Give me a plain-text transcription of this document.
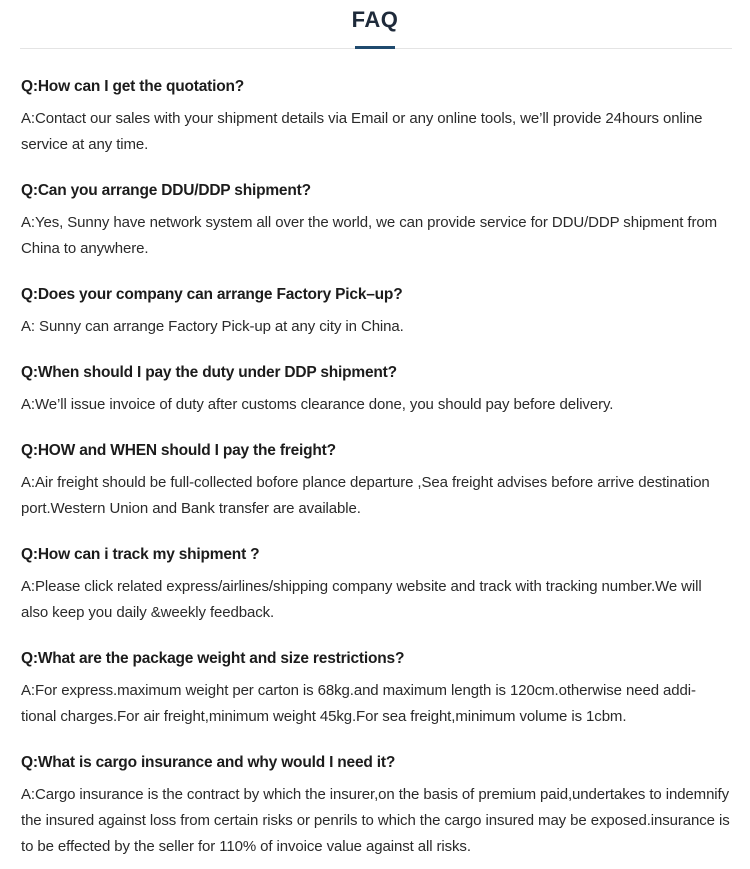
FAQ

Q:How can I get the quotation?

A:Contact our sales with your shipment details via Email or any online tools, we’ll provide 24hours online service at any time.

Q:Can you arrange DDU/DDP shipment?

A:Yes, Sunny have network system all over the world, we can provide service for DDU/DDP shipment from China to anywhere.

Q:Does your company can arrange Factory Pick–up?

A: Sunny can arrange Factory Pick-up at any city in China.

Q:When should I pay the duty under DDP shipment?

A:We’ll issue invoice of duty after customs clearance done, you should pay before delivery.

Q:HOW and WHEN should I pay the freight?

A:Air freight should be full-collected bofore plance departure ,Sea freight advises before arrive destination port.Western Union and Bank transfer are available.

Q:How can i track my shipment ?

A:Please click related express/airlines/shipping company website and track with tracking number.We will also keep you daily &weekly feedback.

Q:What are the package weight and size restrictions?

A:For express.maximum weight per carton is 68kg.and maximum length is 120cm.otherwise need addi-tional charges.For air freight,minimum weight 45kg.For sea freight,minimum volume is 1cbm.

Q:What is cargo insurance and why would I need it?

A:Cargo insurance is the contract by which the insurer,on the basis of premium paid,undertakes to indemnify the insured against loss from certain risks or penrils to which the cargo insured may be exposed.insurance is to be effected by the seller for 110% of invoice value against all risks.
